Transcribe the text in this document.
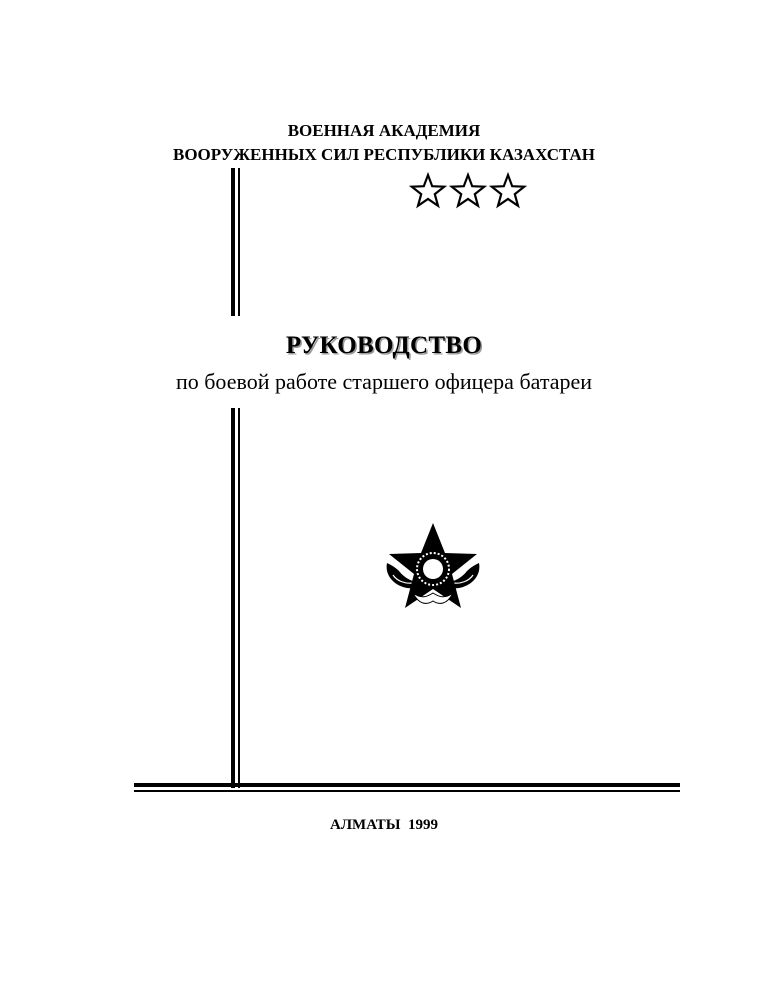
ВОЕННАЯ АКАДЕМИЯ
ВООРУЖЕННЫХ СИЛ РЕСПУБЛИКИ КАЗАХСТАН
РУКОВОДСТВО
по боевой работе старшего офицера батареи
АЛМАТЫ  1999
